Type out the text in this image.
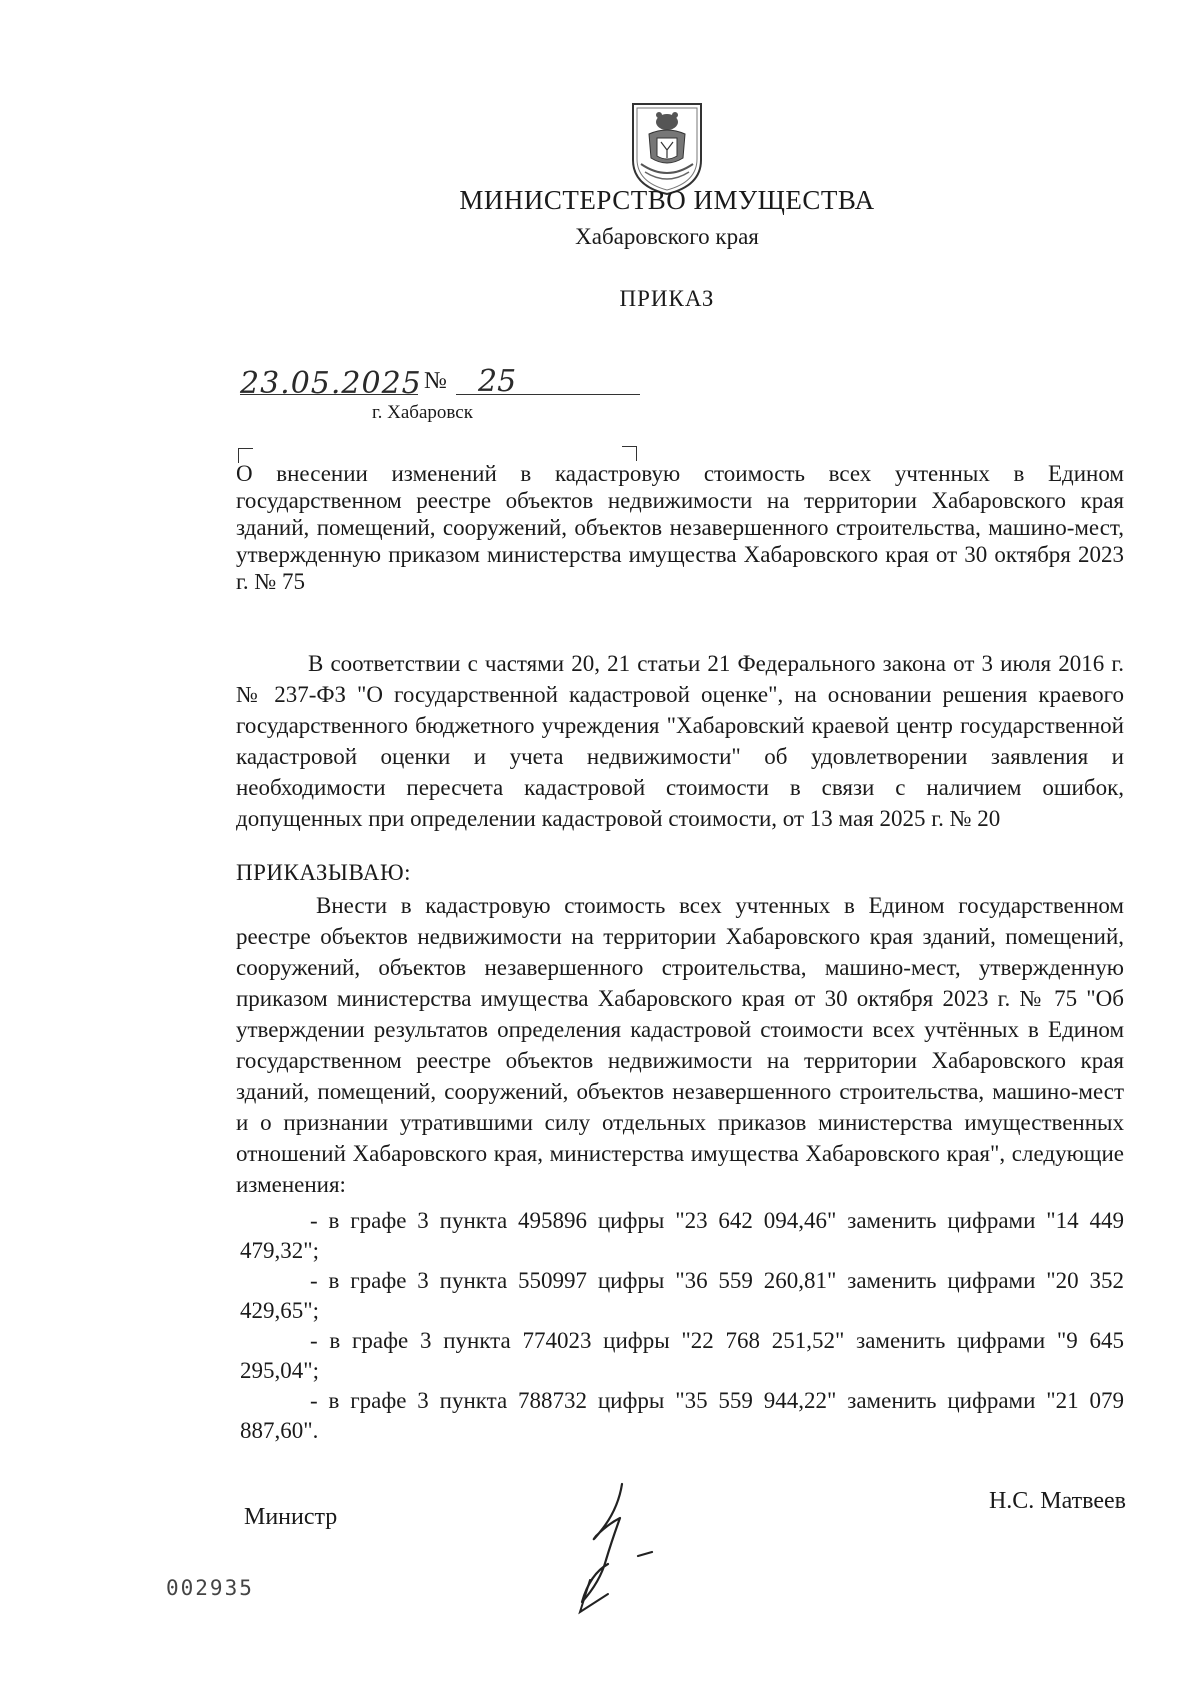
МИНИСТЕРСТВО ИМУЩЕСТВА
Хабаровского края
ПРИКАЗ
23.05.2025 № 25
г. Хабаровск
О внесении изменений в кадастровую стоимость всех учтенных в Едином государственном реестре объектов недвижимости на территории Хабаровского края зданий, помещений, сооружений, объектов незавершенного строительства, машино-мест, утвержденную приказом министерства имущества Хабаровского края от 30 октября 2023 г. № 75
В соответствии с частями 20, 21 статьи 21 Федерального закона от 3 июля 2016 г. № 237-ФЗ "О государственной кадастровой оценке", на основании решения краевого государственного бюджетного учреждения "Хабаровский краевой центр государственной кадастровой оценки и учета недвижимости" об удовлетворении заявления и необходимости пересчета кадастровой стоимости в связи с наличием ошибок, допущенных при определении кадастровой стоимости, от 13 мая 2025 г. № 20
ПРИКАЗЫВАЮ:
Внести в кадастровую стоимость всех учтенных в Едином государственном реестре объектов недвижимости на территории Хабаровского края зданий, помещений, сооружений, объектов незавершенного строительства, машино-мест, утвержденную приказом министерства имущества Хабаровского края от 30 октября 2023 г. № 75 "Об утверждении результатов определения кадастровой стоимости всех учтённых в Едином государственном реестре объектов недвижимости на территории Хабаровского края зданий, помещений, сооружений, объектов незавершенного строительства, машино-мест и о признании утратившими силу отдельных приказов министерства имущественных отношений Хабаровского края, министерства имущества Хабаровского края", следующие изменения:
- в графе 3 пункта 495896 цифры "23 642 094,46" заменить цифрами "14 449 479,32";
- в графе 3 пункта 550997 цифры "36 559 260,81" заменить цифрами "20 352 429,65";
- в графе 3 пункта 774023 цифры "22 768 251,52" заменить цифрами "9 645 295,04";
- в графе 3 пункта 788732 цифры "35 559 944,22" заменить цифрами "21 079 887,60".
Министр
Н.С. Матвеев
002935
